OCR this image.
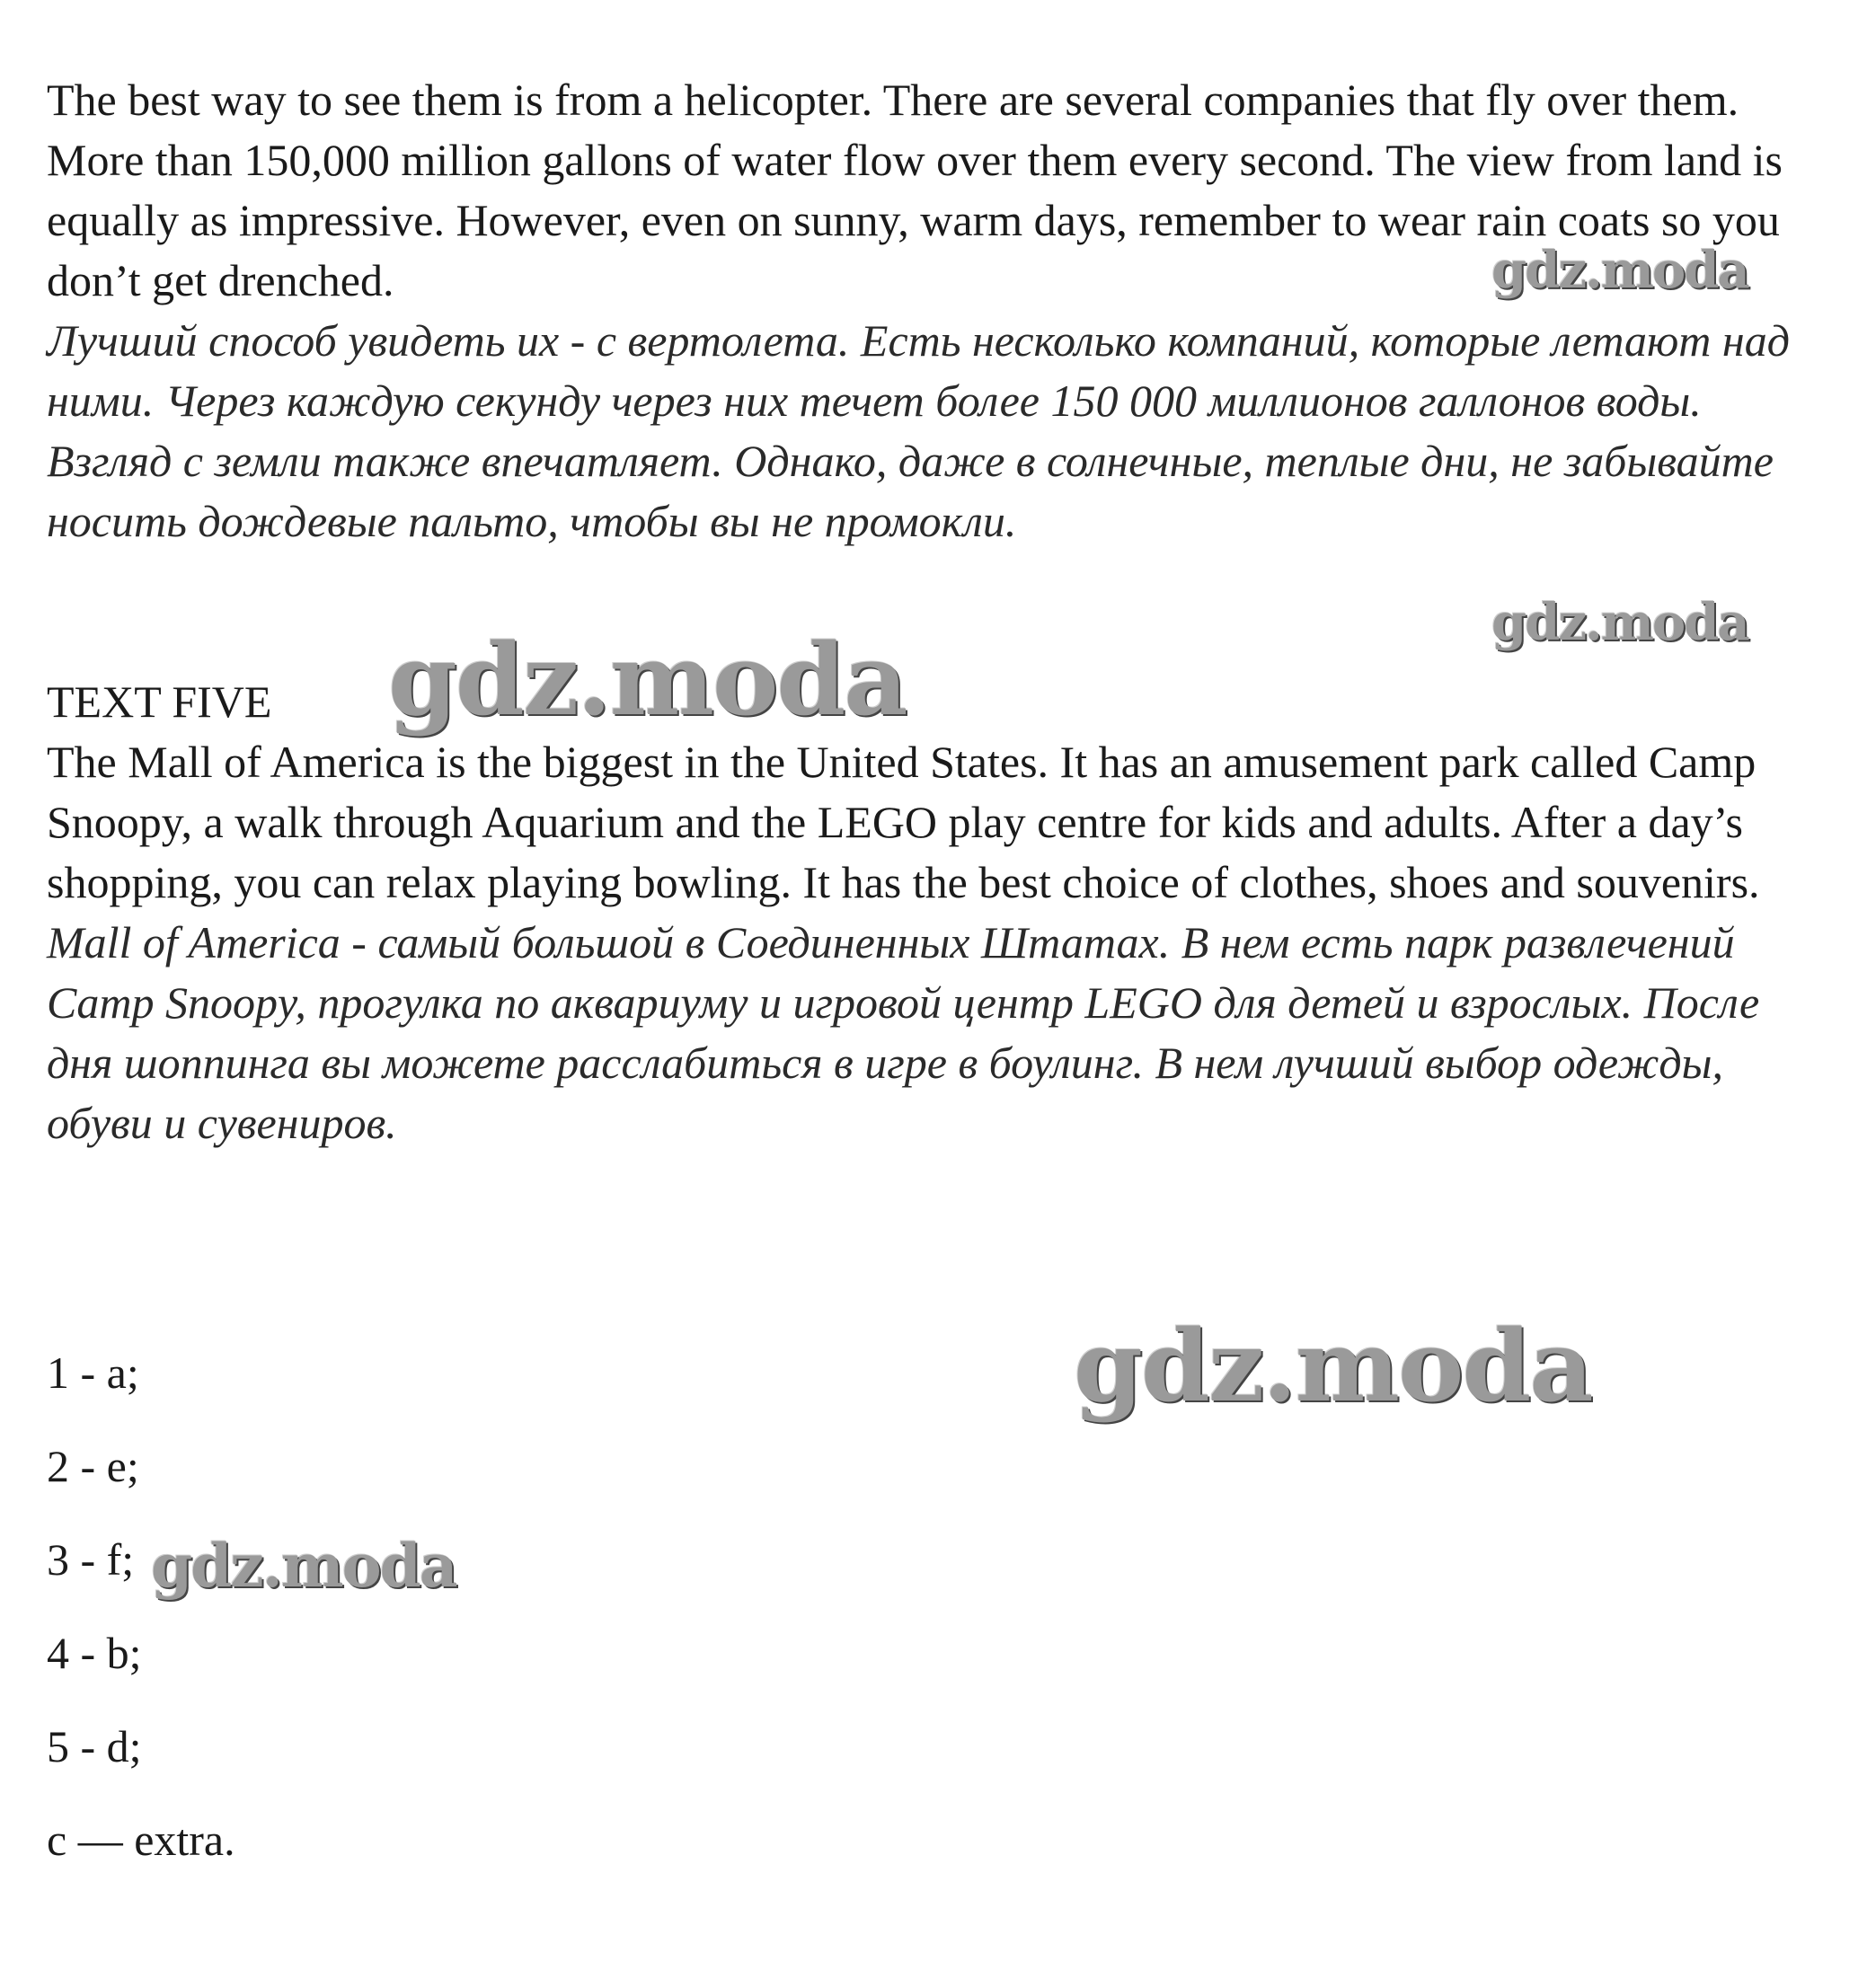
The best way to see them is from a helicopter. There are several companies that fly over them. More than 150,000 million gallons of water flow over them every second. The view from land is equally as impressive. However, even on sunny, warm days, remember to wear rain coats so you don’t get drenched.

Лучший способ увидеть их - с вертолета. Есть несколько компаний, которые летают над ними. Через каждую секунду через них течет более 150 000 миллионов галлонов воды. Взгляд с земли также впечатляет. Однако, даже в солнечные, теплые дни, не забывайте носить дождевые пальто, чтобы вы не промокли.

TEXT FIVE

The Mall of America is the biggest in the United States. It has an amusement park called Camp Snoopy, a walk through Aquarium and the LEGO play centre for kids and adults. After a day’s shopping, you can relax playing bowling. It has the best choice of clothes, shoes and souvenirs.

Mall of America - самый большой в Соединенных Штатах. В нем есть парк развлечений Camp Snoopy, прогулка по аквариуму и игровой центр LEGO для детей и взрослых. После дня шоппинга вы можете расслабиться в игре в боулинг. В нем лучший выбор одежды, обуви и сувениров.

1 - a;

2 - e;

3 - f;

4 - b;

5 - d;

c — extra.

gdz.moda
gdz.moda
gdz.moda
gdz.moda
gdz.moda
